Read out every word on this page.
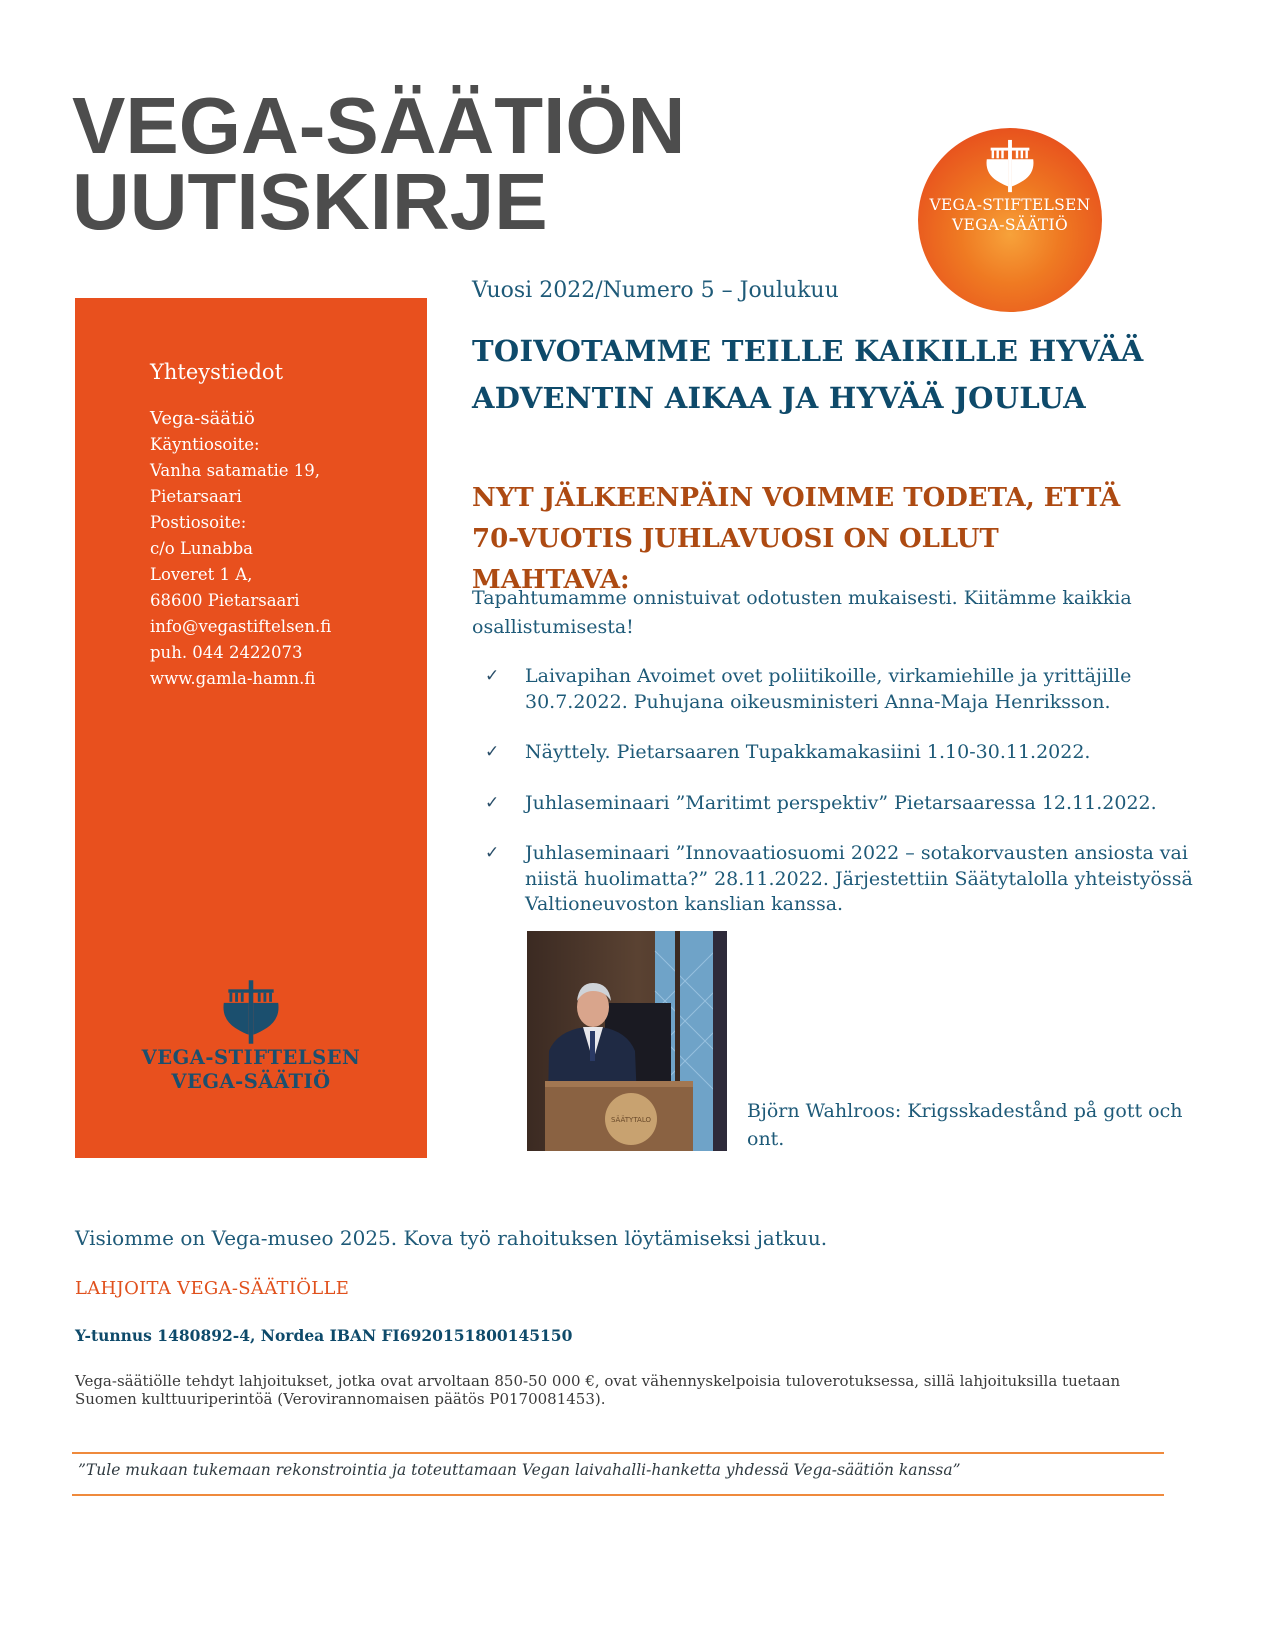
VEGA-SÄÄTIÖN
UUTISKIRJE	VEGA-STIFTELSEN
VEGA-SÄÄTIÖ
Yhteystiedot
Vega-säätiö
Käyntiosoite:
Vanha satamatie 19,
Pietarsaari
Postiosoite:
c/o Lunabba
Loveret 1 A,
68600 Pietarsaari
info@vegastiftelsen.fi
puh. 044 2422073
www.gamla-hamn.fi
VEGA-STIFTELSEN
VEGA-SÄÄTIÖ
Vuosi 2022/Numero 5 – Joulukuu
TOIVOTAMME TEILLE KAIKILLE HYVÄÄ ADVENTIN AIKAA JA HYVÄÄ JOULUA
NYT JÄLKEENPÄIN VOIMME TODETA, ETTÄ 70-VUOTIS JUHLAVUOSI ON OLLUT MAHTAVA:

Tapahtumamme onnistuivat odotusten mukaisesti. Kiitämme kaikkia osallistumisesta!

✓ Laivapihan Avoimet ovet poliitikoille, virkamiehille ja yrittäjille 30.7.2022. Puhujana oikeusministeri Anna-Maja Henriksson.
✓ Näyttely. Pietarsaaren Tupakkamakasiini 1.10-30.11.2022.
✓ Juhlaseminaari ”Maritimt perspektiv” Pietarsaaressa 12.11.2022.
✓ Juhlaseminaari ”Innovaatiosuomi 2022 – sotakorvausten ansiosta vai niistä huolimatta?” 28.11.2022. Järjestettiin Säätytalolla yhteistyössä Valtioneuvoston kanslian kanssa.
SÄÄTYTALO	Björn Wahlroos: Krigsskadestånd på gott och ont.

Visiomme on Vega-museo 2025. Kova työ rahoituksen löytämiseksi jatkuu.

LAHJOITA VEGA-SÄÄTIÖLLE

Y-tunnus 1480892-4, Nordea IBAN FI6920151800145150

Vega-säätiölle tehdyt lahjoitukset, jotka ovat arvoltaan 850-50 000 €, ovat vähennyskelpoisia tuloverotuksessa, sillä lahjoituksilla tuetaan Suomen kulttuuriperintöä (Verovirannomaisen päätös P0170081453).

”Tule mukaan tukemaan rekonstrointia ja toteuttamaan Vegan laivahalli-hanketta yhdessä Vega-säätiön kanssa”
